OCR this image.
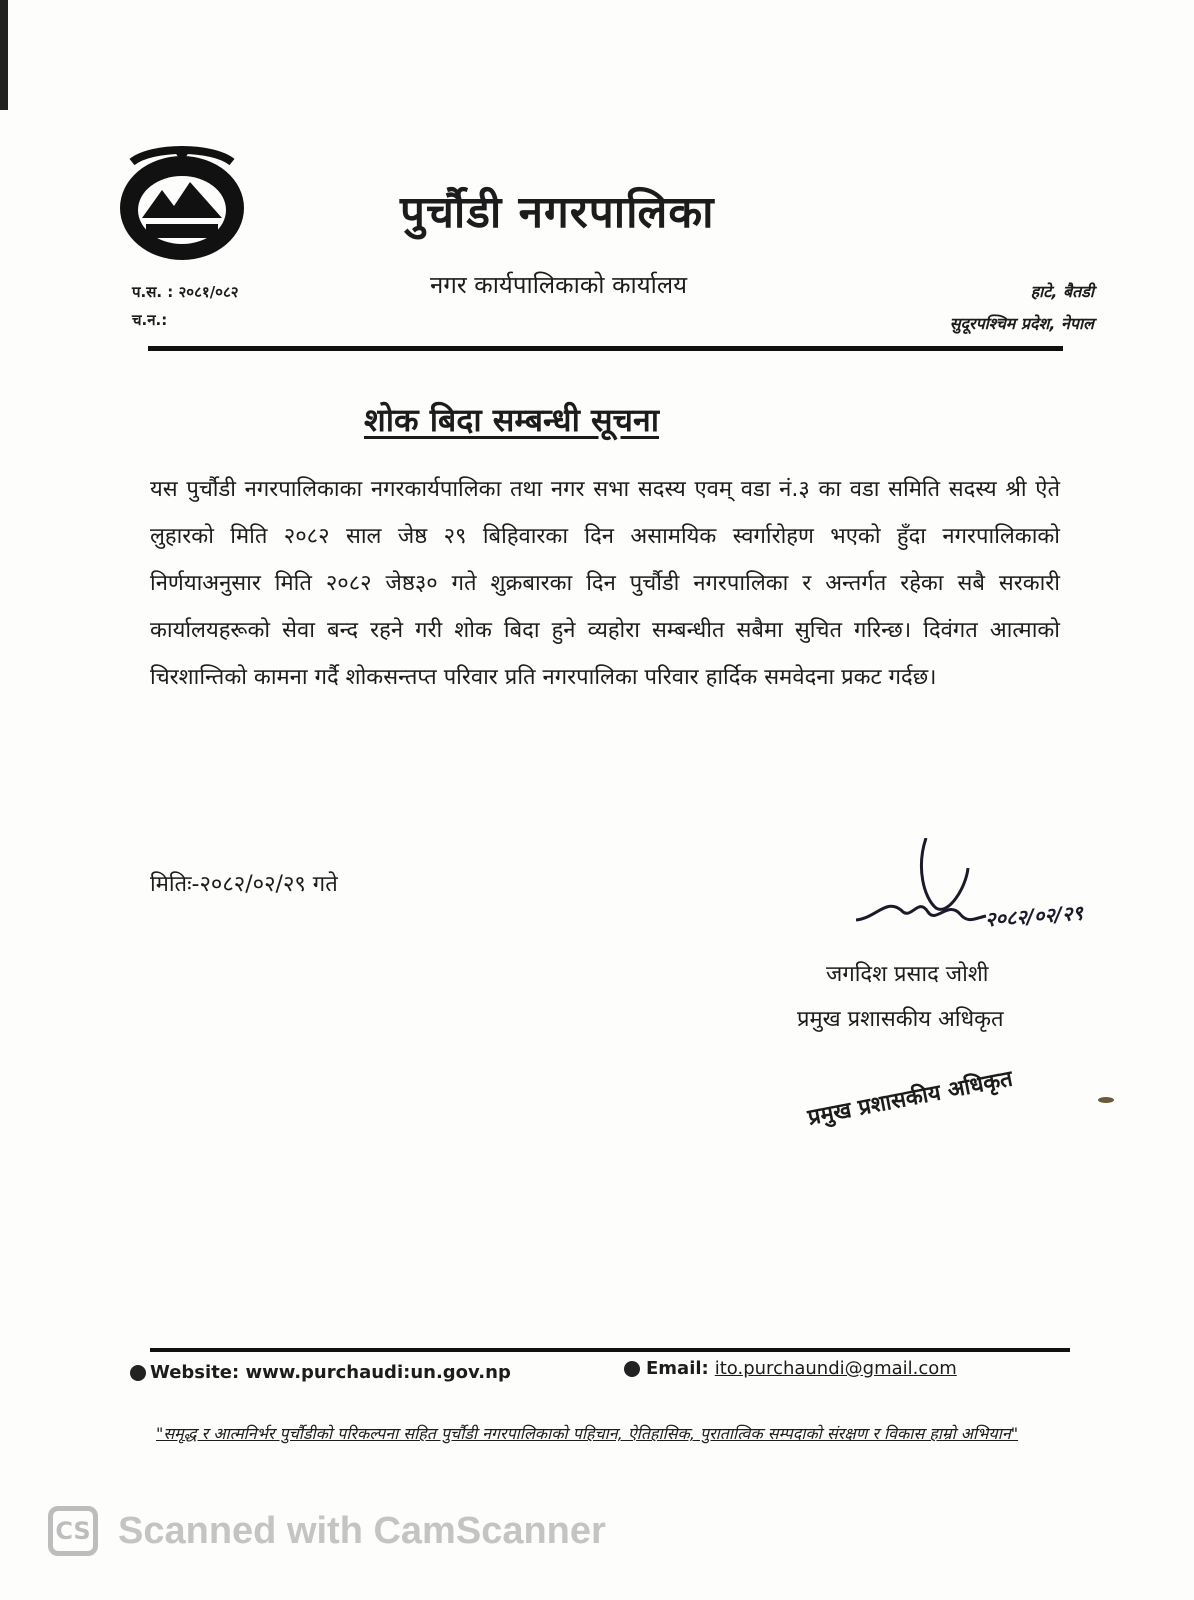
पुर्चौडी नगरपालिका
नगर कार्यपालिकाको कार्यालय
प.स. : २०८१/०८२
च.न.:
हाटे, बैतडी
सुदूरपश्चिम प्रदेश, नेपाल
शोक बिदा सम्बन्धी सूचना
यस पुर्चौडी नगरपालिकाका नगरकार्यपालिका तथा नगर सभा सदस्य एवम् वडा नं.३ का वडा समिति सदस्य श्री ऐते लुहारको मिति २०८२ साल जेष्ठ २९ बिहिवारका दिन असामयिक स्वर्गारोहण भएको हुँदा नगरपालिकाको निर्णयाअनुसार मिति २०८२ जेष्ठ३० गते शुक्रबारका दिन पुर्चौडी नगरपालिका र अन्तर्गत रहेका सबै सरकारी कार्यालयहरूको सेवा बन्द रहने गरी शोक बिदा हुने व्यहोरा सम्बन्धीत सबैमा सुचित गरिन्छ। दिवंगत आत्माको चिरशान्तिको कामना गर्दै शोकसन्तप्त परिवार प्रति नगरपालिका परिवार हार्दिक समवेदना प्रकट गर्दछ।
मितिः-२०८२/०२/२९ गते
२०८२/०२/२९
जगदिश प्रसाद जोशी
प्रमुख प्रशासकीय अधिकृत
प्रमुख प्रशासकीय अधिकृत
Website: www.purchaudi:un.gov.np	Email: ito.purchaundi@gmail.com
"समृद्ध र आत्मनिर्भर पुर्चौडीको परिकल्पना सहित पुर्चौडी नगरपालिकाको पहिचान, ऐतिहासिक, पुरातात्विक सम्पदाको संरक्षण र विकास हाम्रो अभियान"
CS Scanned with CamScanner
